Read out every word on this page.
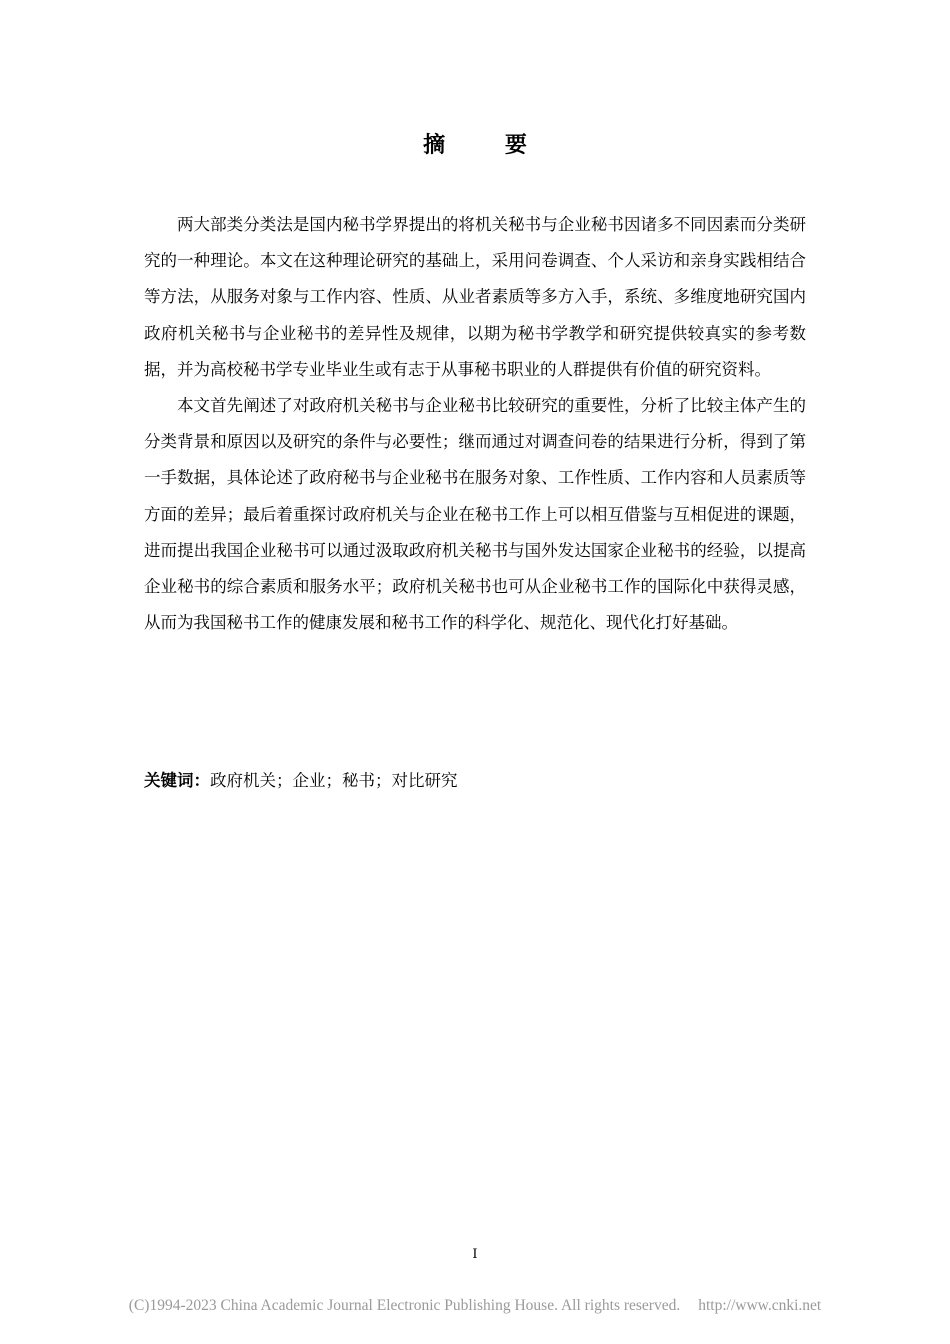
摘 要

两大部类分类法是国内秘书学界提出的将机关秘书与企业秘书因诸多不同因素而分类研究的一种理论。本文在这种理论研究的基础上，采用问卷调查、个人采访和亲身实践相结合等方法，从服务对象与工作内容、性质、从业者素质等多方入手，系统、多维度地研究国内政府机关秘书与企业秘书的差异性及规律，以期为秘书学教学和研究提供较真实的参考数据，并为高校秘书学专业毕业生或有志于从事秘书职业的人群提供有价值的研究资料。

本文首先阐述了对政府机关秘书与企业秘书比较研究的重要性，分析了比较主体产生的分类背景和原因以及研究的条件与必要性；继而通过对调查问卷的结果进行分析，得到了第一手数据，具体论述了政府秘书与企业秘书在服务对象、工作性质、工作内容和人员素质等方面的差异；最后着重探讨政府机关与企业在秘书工作上可以相互借鉴与互相促进的课题，进而提出我国企业秘书可以通过汲取政府机关秘书与国外发达国家企业秘书的经验，以提高企业秘书的综合素质和服务水平；政府机关秘书也可从企业秘书工作的国际化中获得灵感，从而为我国秘书工作的健康发展和秘书工作的科学化、规范化、现代化打好基础。

关键词：政府机关；企业；秘书；对比研究
I
(C)1994-2023 China Academic Journal Electronic Publishing House. All rights reserved. http://www.cnki.net
